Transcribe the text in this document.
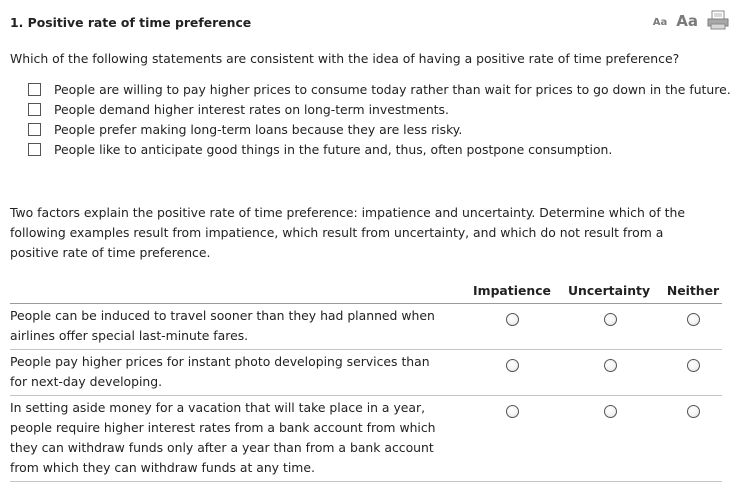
1. Positive rate of time preference	Aa Aa
Which of the following statements are consistent with the idea of having a positive rate of time preference?
People are willing to pay higher prices to consume today rather than wait for prices to go down in the future.
People demand higher interest rates on long-term investments.
People prefer making long-term loans because they are less risky.
People like to anticipate good things in the future and, thus, often postpone consumption.
Two factors explain the positive rate of time preference: impatience and uncertainty. Determine which of the following examples result from impatience, which result from uncertainty, and which do not result from a positive rate of time preference.
Impatience	Uncertainty	Neither
People can be induced to travel sooner than they had planned when airlines offer special last-minute fares.
People pay higher prices for instant photo developing services than for next-day developing.
In setting aside money for a vacation that will take place in a year, people require higher interest rates from a bank account from which they can withdraw funds only after a year than from a bank account from which they can withdraw funds at any time.
